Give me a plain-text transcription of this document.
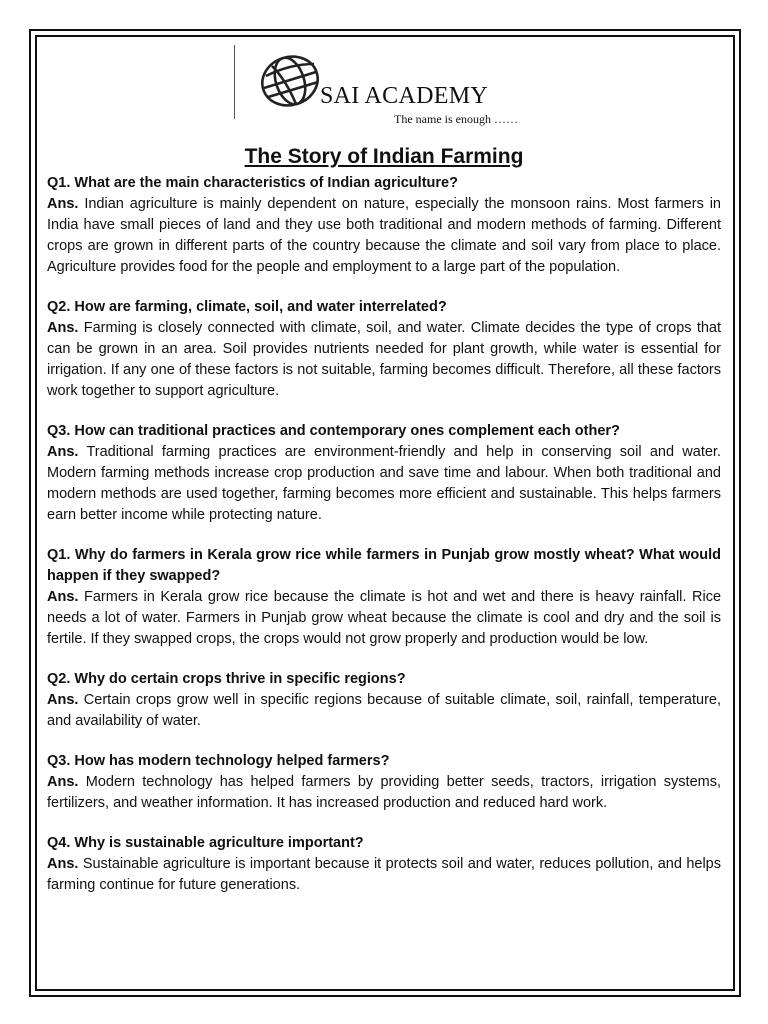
SAI ACADEMY
The name is enough ……
The Story of Indian Farming
Q1. What are the main characteristics of Indian agriculture?
Ans. Indian agriculture is mainly dependent on nature, especially the monsoon rains. Most farmers in India have small pieces of land and they use both traditional and modern methods of farming. Different crops are grown in different parts of the country because the climate and soil vary from place to place. Agriculture provides food for the people and employment to a large part of the population.
Q2. How are farming, climate, soil, and water interrelated?
Ans. Farming is closely connected with climate, soil, and water. Climate decides the type of crops that can be grown in an area. Soil provides nutrients needed for plant growth, while water is essential for irrigation. If any one of these factors is not suitable, farming becomes difficult. Therefore, all these factors work together to support agriculture.
Q3. How can traditional practices and contemporary ones complement each other?
Ans. Traditional farming practices are environment-friendly and help in conserving soil and water. Modern farming methods increase crop production and save time and labour. When both traditional and modern methods are used together, farming becomes more efficient and sustainable. This helps farmers earn better income while protecting nature.
Q1. Why do farmers in Kerala grow rice while farmers in Punjab grow mostly wheat? What would happen if they swapped?
Ans. Farmers in Kerala grow rice because the climate is hot and wet and there is heavy rainfall. Rice needs a lot of water. Farmers in Punjab grow wheat because the climate is cool and dry and the soil is fertile. If they swapped crops, the crops would not grow properly and production would be low.
Q2. Why do certain crops thrive in specific regions?
Ans. Certain crops grow well in specific regions because of suitable climate, soil, rainfall, temperature, and availability of water.
Q3. How has modern technology helped farmers?
Ans. Modern technology has helped farmers by providing better seeds, tractors, irrigation systems, fertilizers, and weather information. It has increased production and reduced hard work.
Q4. Why is sustainable agriculture important?
Ans. Sustainable agriculture is important because it protects soil and water, reduces pollution, and helps farming continue for future generations.
